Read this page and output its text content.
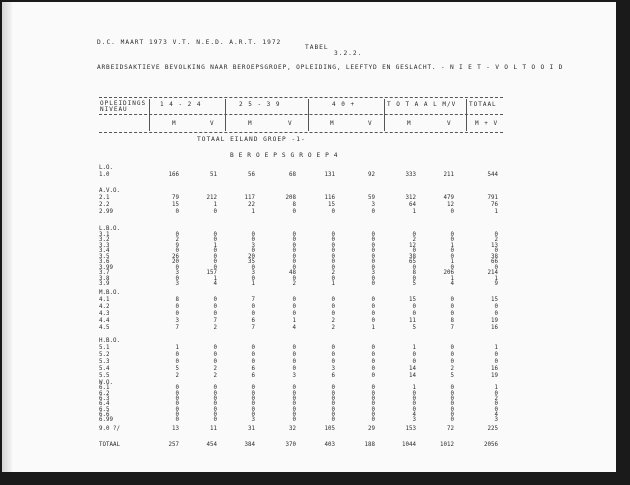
D.C. MAART 1973 V.T. N.E.D. A.R.T. 1972
TABEL
3.2.2.
ARBEIDSAKTIEVE BEVOLKING NAAR BEROEPSGROEP, OPLEIDING, LEEFTYD EN GESLACHT. - N I E T - V O L T O O I D
OPLEIDINGS
NIVEAU
1 4 - 2 4	2 5 - 3 9	4 0 +	T O T A A L M/V TOTAAL
M	V	M	V	M	V	M	V	M + V
TOTAAL EILAND GROEP -1-
B E R O E P S G R O E P 4
L.O.
1.0	166	51	56	68	131	92	333	211	544
A.V.O.
2.1	79	212	117	208	116	59	312	479	791
2.2	15	1	22	8	15	3	64	12	76
2.99	0	0	1	0	0	0	1	0	1
L.B.O.
3.1	0	0	0	0	0	0	0	0	0
3.2	2	0	0	0	0	0	2	0	2
3.3	9	1	3	0	0	0	12	1	13
3.4	0	0	0	0	0	0	0	0	0
3.5	26	0	20	0	0	0	38	0	38
3.6	20	0	35	0	0	0	65	1	66
3.99	0	0	0	0	0	0	0	0	0
3.7	3	157	3	48	2	3	8	206	214
3.8	0	1	0	0	0	0	0	1	1
3.9	3	4	1	2	1	0	5	4	9
M.B.O.
4.1	8	0	7	0	0	0	15	0	15
4.2	0	0	0	0	0	0	0	0	0
4.3	0	0	0	0	0	0	0	0	0
4.4	3	7	6	1	2	0	11	8	19
4.5	7	2	7	4	2	1	5	7	16
H.B.O.
5.1	1	0	0	0	0	0	1	0	1
5.2	0	0	0	0	0	0	0	0	0
5.3	0	0	0	0	0	0	0	0	0
5.4	5	2	6	0	3	0	14	2	16
5.5	2	2	6	3	6	0	14	5	19
W.O.
6.1	0	0	0	0	0	0	1	0	1
6.2	0	0	0	0	0	0	0	0	0
6.3	0	0	0	0	0	0	0	0	2
6.4	0	0	0	0	0	0	0	0	0
6.5	0	0	0	0	0	0	0	0	0
6.6	0	0	0	0	0	0	4	0	4
6.99	0	0	3	0	0	0	3	0	3
9.0 ?/	13	11	31	32	105	29	153	72	225
TOTAAL	257	454	384	370	403	188	1044	1012	2056
